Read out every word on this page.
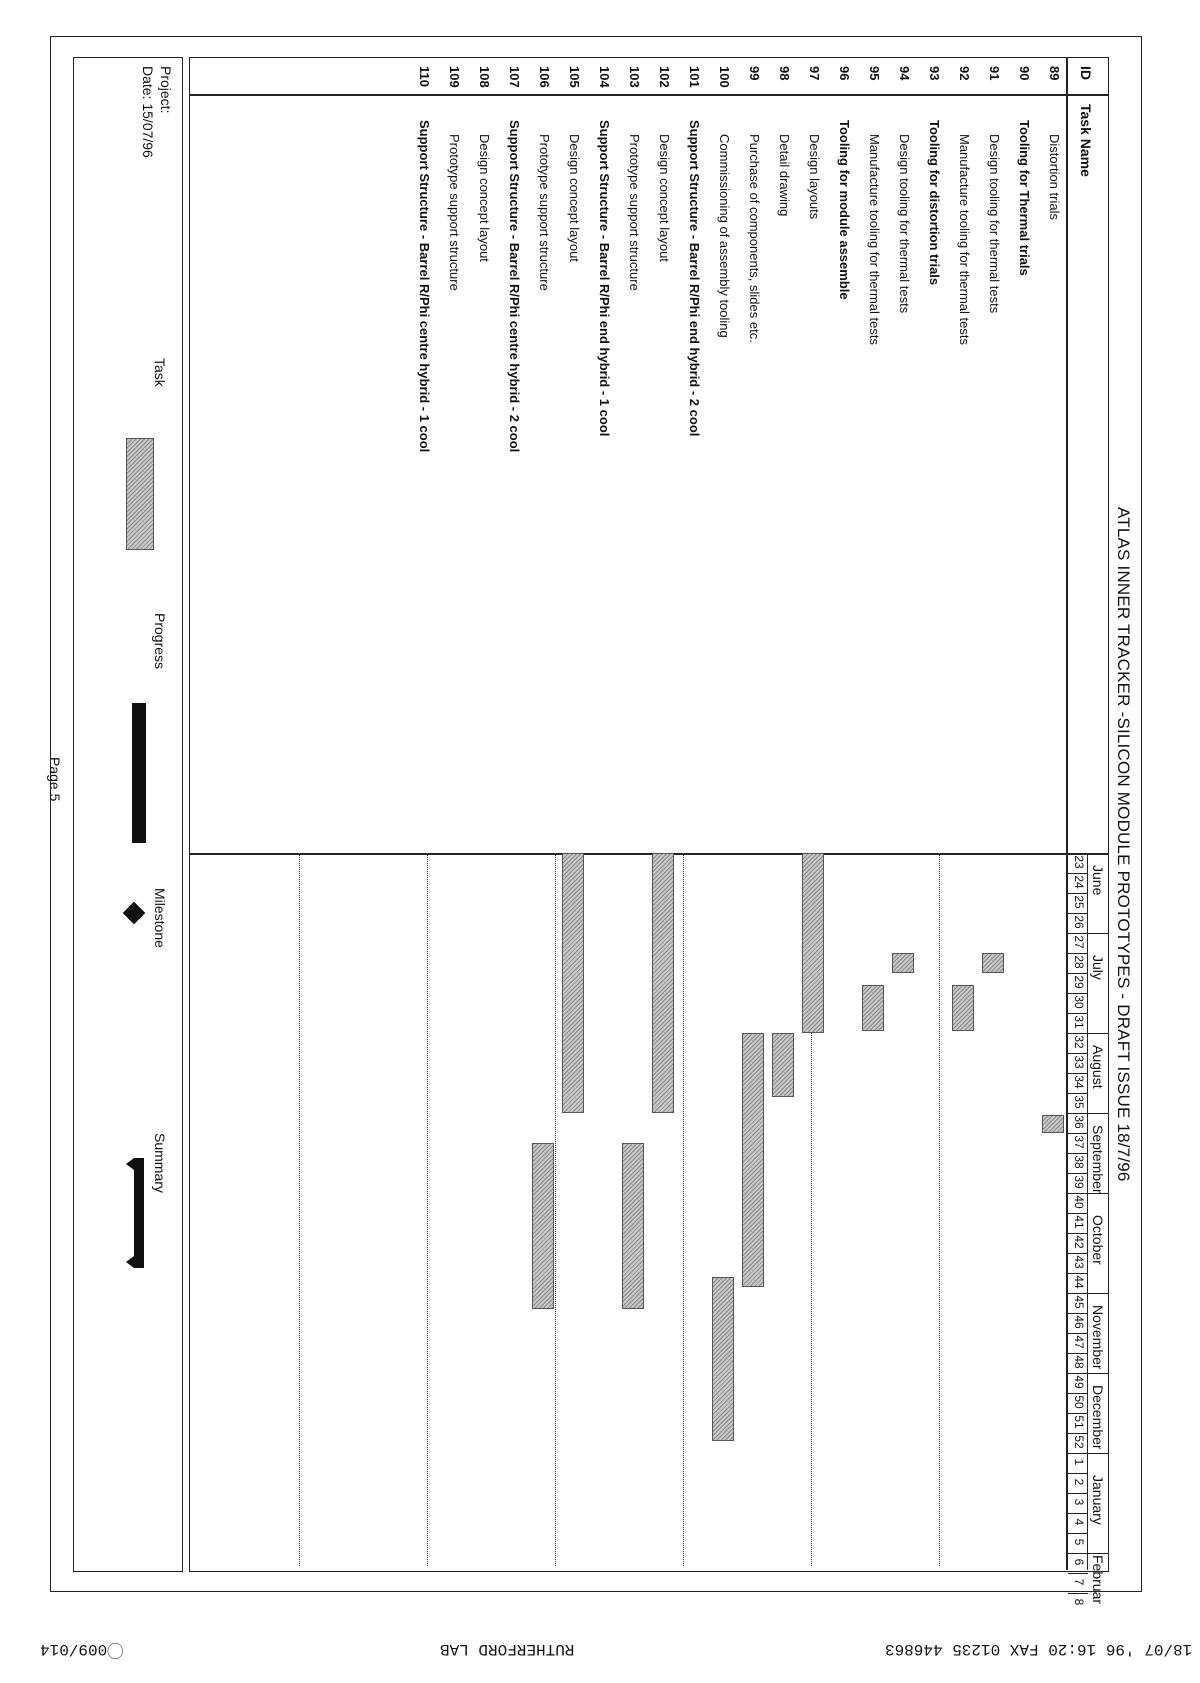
18/07 '96 16:20 FAX 01235 446863
RUTHERFORD LAB
⃝009/014
ATLAS INNER TRACKER -SILICON MODULE PROTOTYPES - DRAFT ISSUE 18/7/96
ID
Task Name
June
July
August
September
October
November
December
January
Februar
23
24
25
26
27
28
29
30
31
32
33
34
35
36
37
38
39
40
41
42
43
44
45
46
47
48
49
50
51
52
1
2
3
4
5
6
7
8
89
Distortion trials
90
Tooling for Thermal trials
91
Design tooling for thermal tests
92
Manufacture tooling for thermal tests
93
Tooling for distortion trials
94
Design tooling for thermal tests
95
Manufacture tooling for thermal tests
96
Tooling for module assemble
97
Design layouts
98
Detail drawing
99
Purchase of components, slides etc.
100
Commissioning of assembly tooling
101
Support Structure - Barrel R/Phi end hybrid - 2 cool
102
Design concept layout
103
Prototype support structure
104
Support Structure - Barrel R/Phi end hybrid - 1 cool
105
Design concept layout
106
Prototype support structure
107
Support Structure - Barrel R/Phi centre hybrid - 2 cool
108
Design concept layout
109
Prototype support structure
110
Support Structure - Barrel R/Phi centre hybrid - 1 cool
Project:
Date: 15/07/96
Task
Progress
Milestone
Summary
Page 5
